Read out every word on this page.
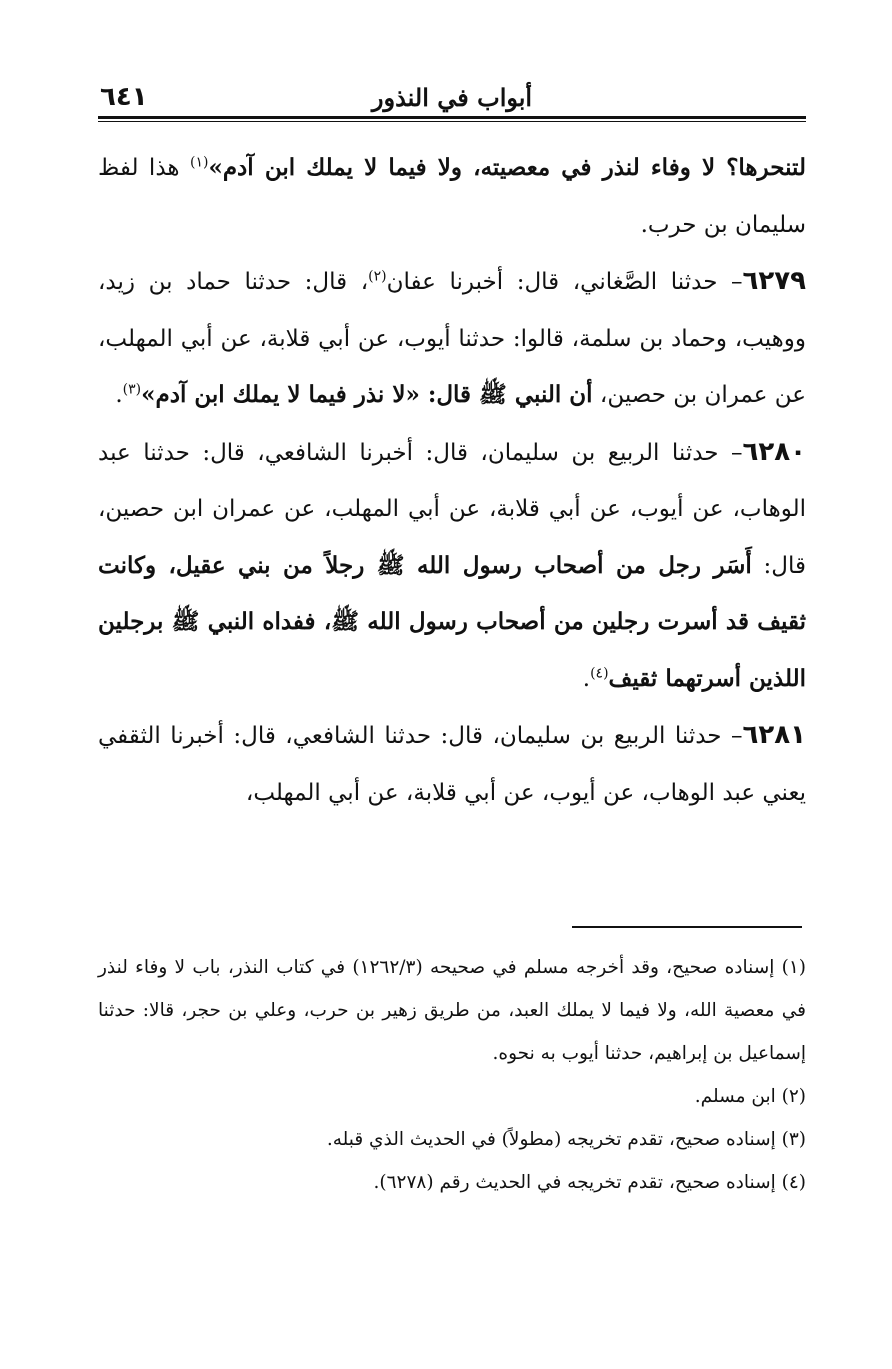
أبواب في النذور
٦٤١

لتنحرها؟ لا وفاء لنذر في معصيته، ولا فيما لا يملك ابن آدم»$^{(١)}$ هذا لفظ سليمان بن حرب.

٦٢٧٩– حدثنا الصَّغاني، قال: أخبرنا عفان$^{(٢)}$، قال: حدثنا حماد بن زيد، ووهيب، وحماد بن سلمة، قالوا: حدثنا أيوب، عن أبي قلابة، عن أبي المهلب، عن عمران بن حصين، أن النبي ﷺ قال: «لا نذر فيما لا يملك ابن آدم»$^{(٣)}$.

٦٢٨٠– حدثنا الربيع بن سليمان، قال: أخبرنا الشافعي، قال: حدثنا عبد الوهاب، عن أيوب، عن أبي قلابة، عن أبي المهلب، عن عمران ابن حصين، قال: أَسَر رجل من أصحاب رسول الله ﷺ رجلاً من بني عقيل، وكانت ثقيف قد أسرت رجلين من أصحاب رسول الله ﷺ، ففداه النبي ﷺ برجلين اللذين أسرتهما ثقيف$^{(٤)}$.

٦٢٨١– حدثنا الربيع بن سليمان، قال: حدثنا الشافعي، قال: أخبرنا الثقفي يعني عبد الوهاب، عن أيوب، عن أبي قلابة، عن أبي المهلب،

(١) إسناده صحيح، وقد أخرجه مسلم في صحيحه (١٢٦٢/٣) في كتاب النذر، باب لا وفاء لنذر في معصية الله، ولا فيما لا يملك العبد، من طريق زهير بن حرب، وعلي بن حجر، قالا: حدثنا إسماعيل بن إبراهيم، حدثنا أيوب به نحوه.

(٢) ابن مسلم.

(٣) إسناده صحيح، تقدم تخريجه (مطولاً) في الحديث الذي قبله.

(٤) إسناده صحيح، تقدم تخريجه في الحديث رقم (٦٢٧٨).
